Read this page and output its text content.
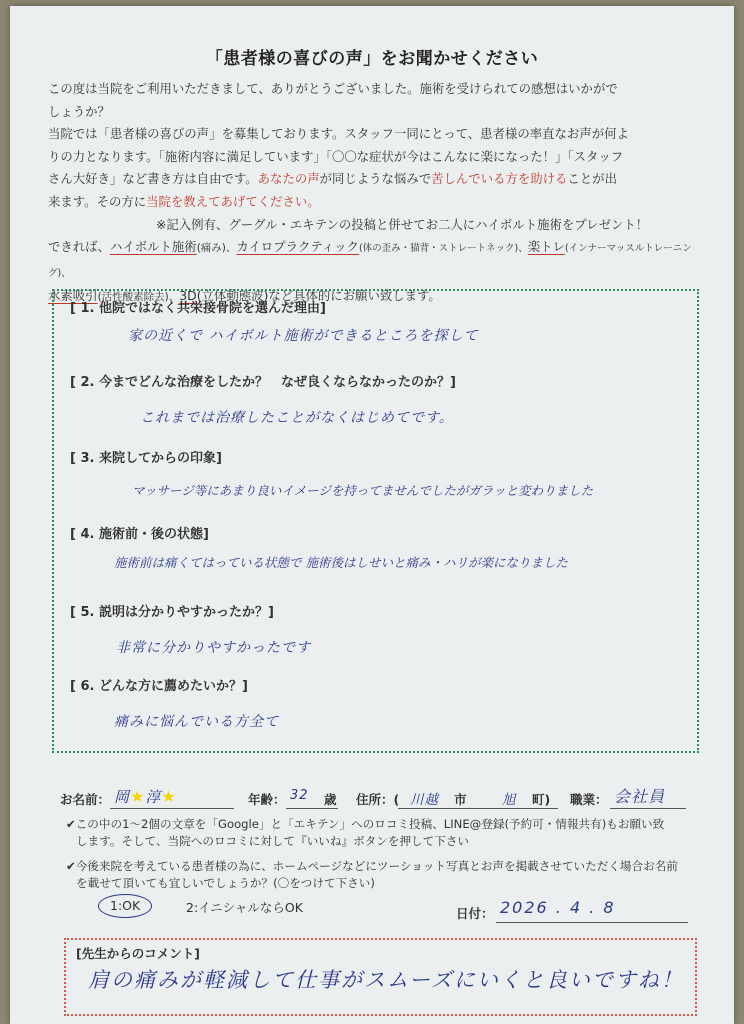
「患者様の喜びの声」をお聞かせください
この度は当院をご利用いただきまして、ありがとうございました。施術を受けられての感想はいかがで
しょうか？
当院では「患者様の喜びの声」を募集しております。スタッフ一同にとって、患者様の率直なお声が何よ
りの力となります。「施術内容に満足しています」「〇〇な症状が今はこんなに楽になった！」「スタッフ
さん大好き」など書き方は自由です。あなたの声が同じような悩みで苦しんでいる方を助けることが出
来ます。その方に当院を教えてあげてください。
※記入例有、グーグル・エキテンの投稿と併せてお二人にハイボルト施術をプレゼント！
できれば、ハイボルト施術(痛み)、カイロプラクティック(体の歪み・猫背・ストレートネック)、楽トレ(インナーマッスルトレーニング)、
水素吸引(活性酸素除去)、3D(立体動態波)など具体的にお願い致します。
[ 1. 他院ではなく共栄接骨院を選んだ理由]
家の近くで ハイボルト施術ができるところを探して
[ 2. 今までどんな治療をしたか？　なぜ良くならなかったのか？]
これまでは治療したことがなくはじめてです。
[ 3. 来院してからの印象]
マッサージ等にあまり良いイメージを持ってませんでしたがガラッと変わりました
[ 4. 施術前・後の状態]
施術前は痛くてはっている状態で 施術後はしせいと痛み・ハリが楽になりました
[ 5. 説明は分かりやすかったか？]
非常に分かりやすかったです
[ 6. どんな方に薦めたいか？]
痛みに悩んでいる方全て
お名前： 岡★淳★	年齢： 32 歳 住所：( 川越 市	旭 町) 職業： 会社員
✔この中の1～2個の文章を「Google」と「エキテン」へのロコミ投稿、LINE@登録(予約可・情報共有)もお願い致
します。そして、当院へのロコミに対して『いいね』ボタンを押して下さい
✔今後来院を考えている患者様の為に、ホームページなどにツーショット写真とお声を掲載させていただく場合お名前
を載せて頂いても宜しいでしょうか？(〇をつけて下さい)
1:OK	2:イニシャルならOK	日付： 2026 . 4 . 8
[先生からのコメント]
肩の痛みが軽減して仕事がスムーズにいくと良いですね！
